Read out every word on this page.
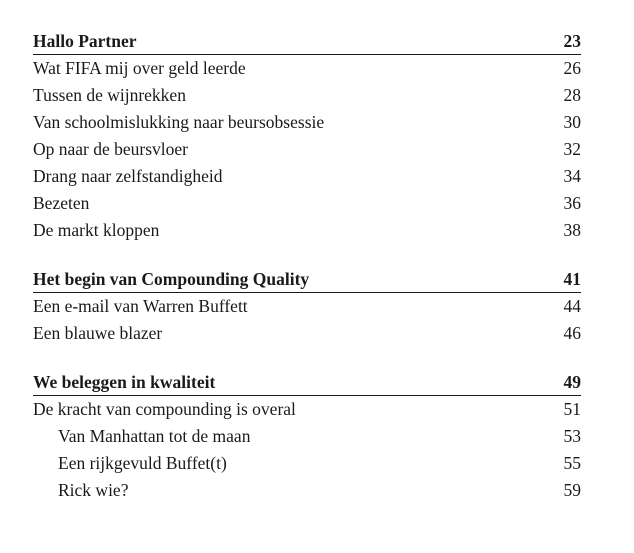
Hallo Partner	23
Wat FIFA mij over geld leerde	26
Tussen de wijnrekken	28
Van schoolmislukking naar beursobsessie	30
Op naar de beursvloer	32
Drang naar zelfstandigheid	34
Bezeten	36
De markt kloppen	38
Het begin van Compounding Quality	41
Een e-mail van Warren Buffett	44
Een blauwe blazer	46
We beleggen in kwaliteit	49
De kracht van compounding is overal	51
Van Manhattan tot de maan	53
Een rijkgevuld Buffet(t)	55
Rick wie?	59
